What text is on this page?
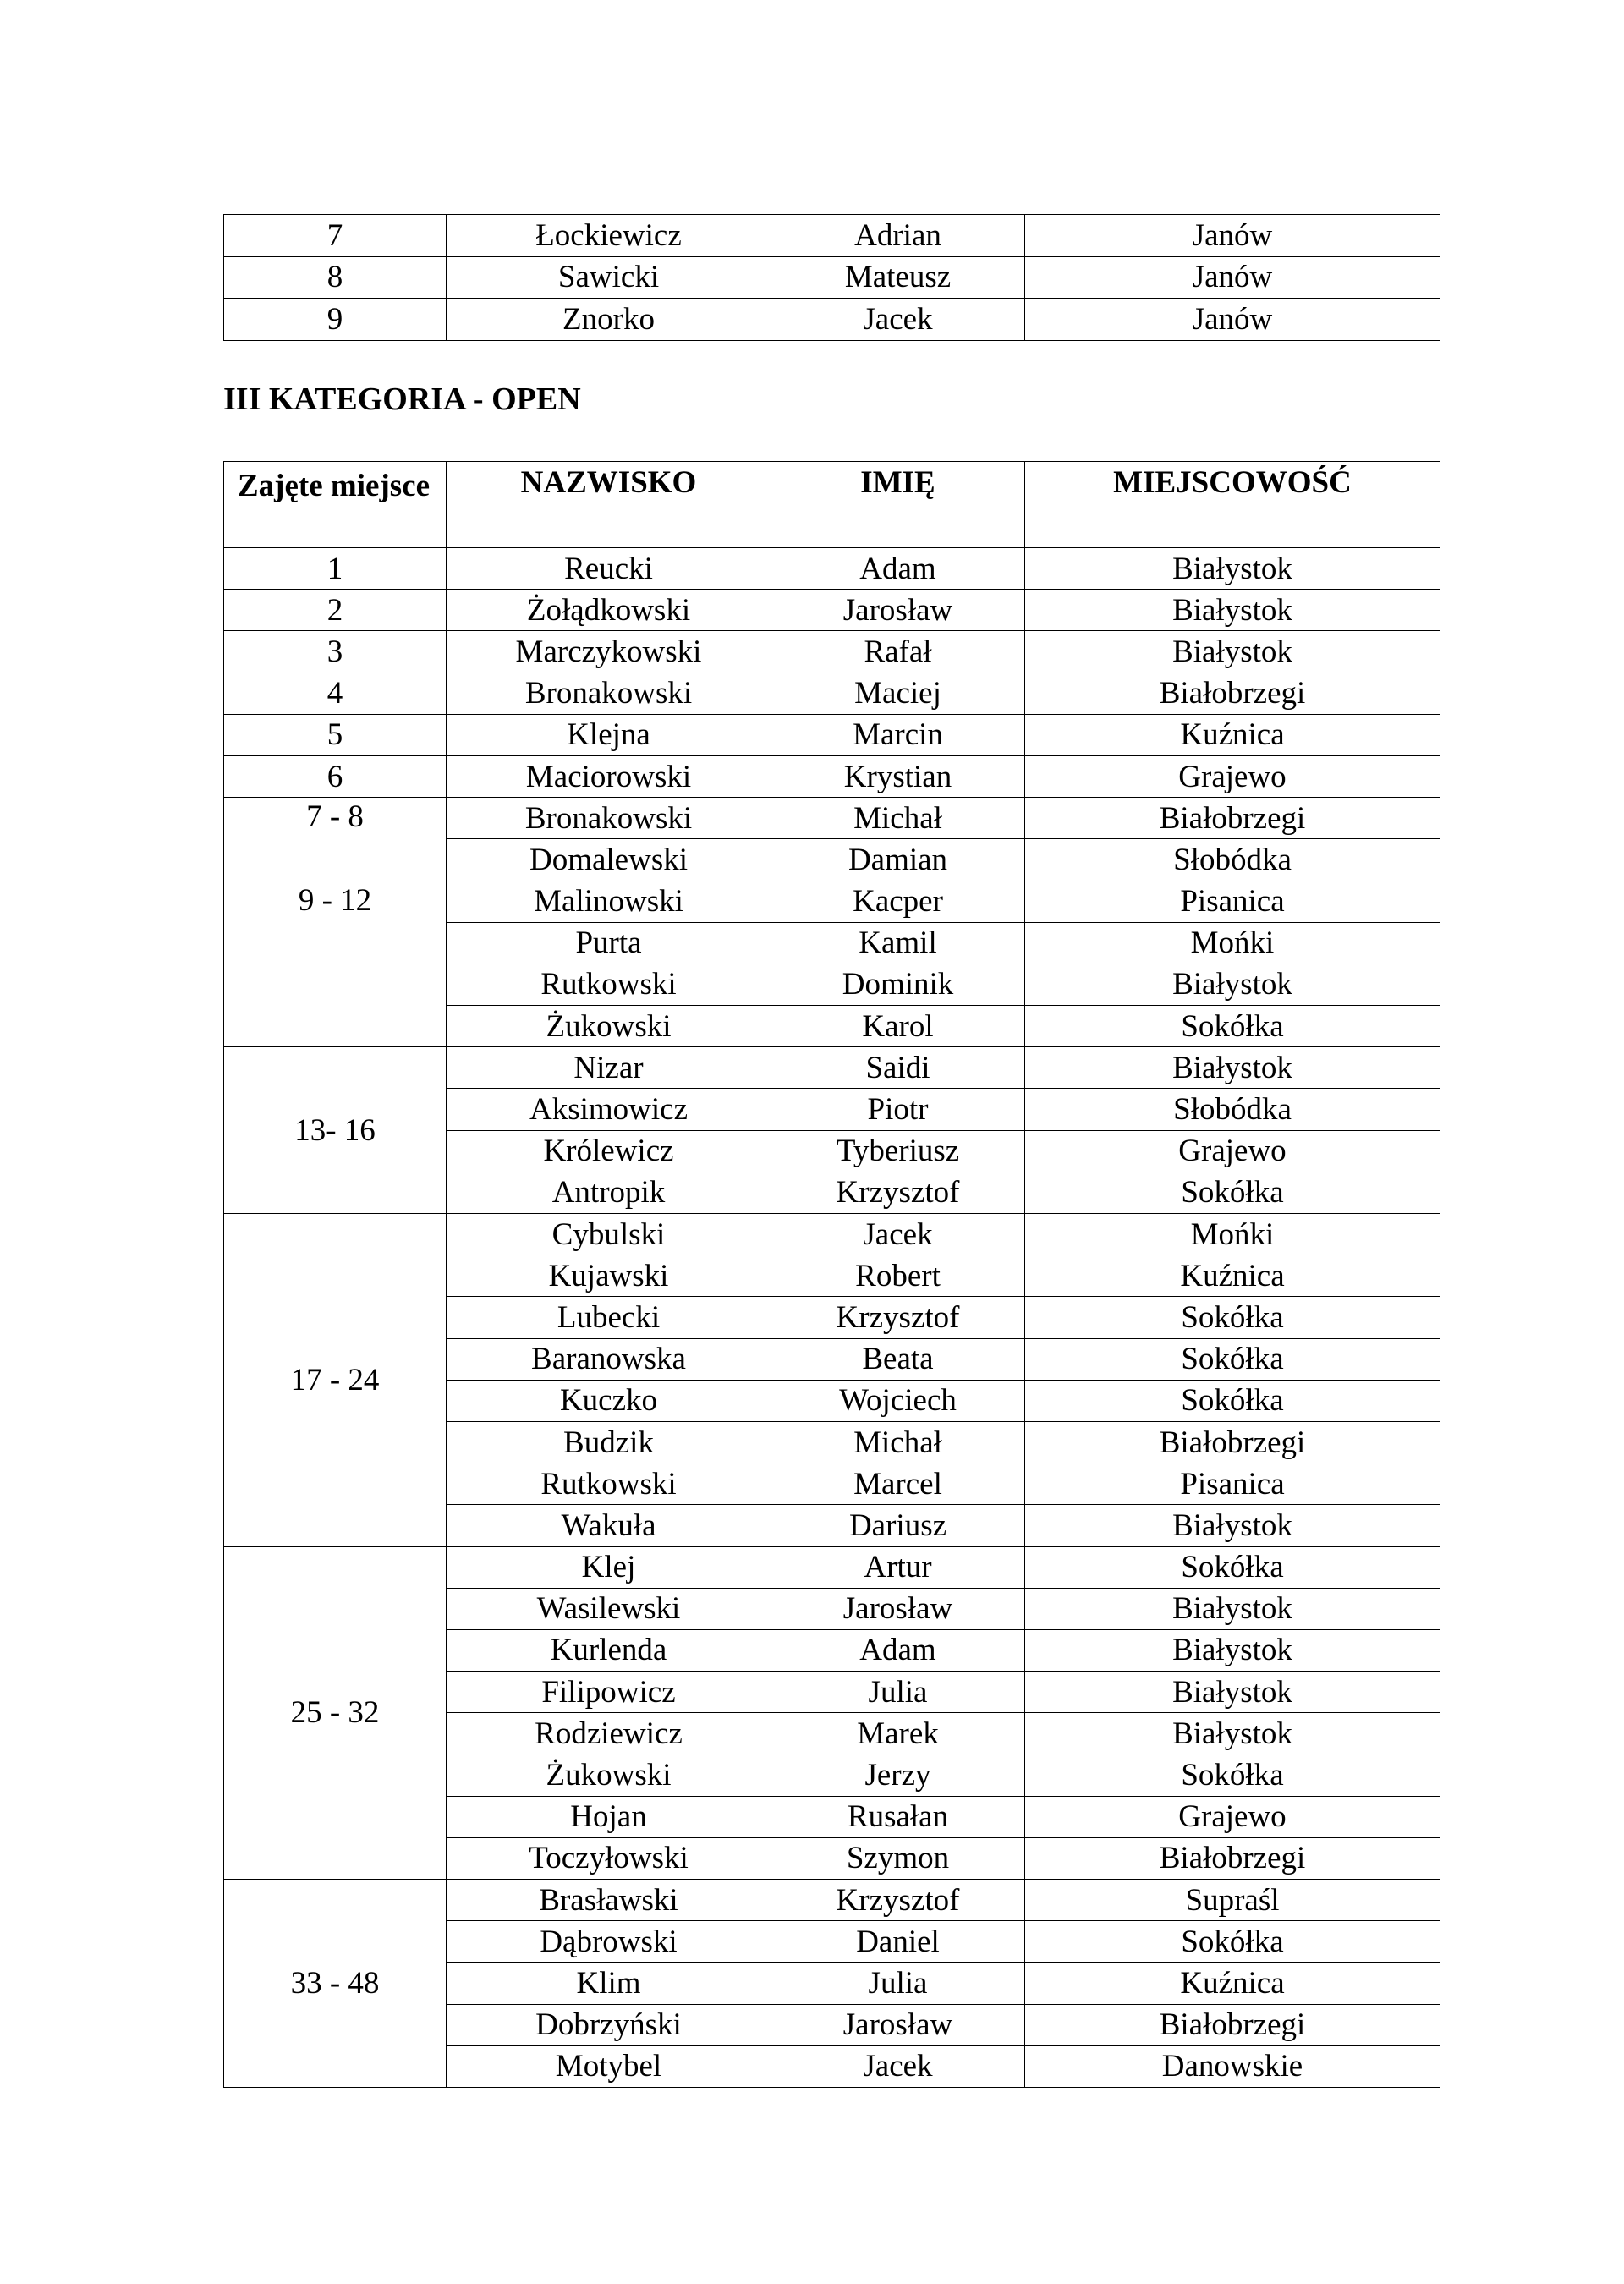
7	Łockiewicz	Adrian	Janów
8	Sawicki	Mateusz	Janów
9	Znorko	Jacek	Janów
III KATEGORIA - OPEN
Zajęte miejsce	NAZWISKO	IMIĘ	MIEJSCOWOŚĆ
1	Reucki	Adam	Białystok
2	Żołądkowski	Jarosław	Białystok
3	Marczykowski	Rafał	Białystok
4	Bronakowski	Maciej	Białobrzegi
5	Klejna	Marcin	Kuźnica
6	Maciorowski	Krystian	Grajewo
7 - 8	Bronakowski	Michał	Białobrzegi
	Domalewski	Damian	Słobódka
9 - 12	Malinowski	Kacper	Pisanica
	Purta	Kamil	Mońki
	Rutkowski	Dominik	Białystok
	Żukowski	Karol	Sokółka
13- 16	Nizar	Saidi	Białystok
	Aksimowicz	Piotr	Słobódka
	Królewicz	Tyberiusz	Grajewo
	Antropik	Krzysztof	Sokółka
17 - 24	Cybulski	Jacek	Mońki
	Kujawski	Robert	Kuźnica
	Lubecki	Krzysztof	Sokółka
	Baranowska	Beata	Sokółka
	Kuczko	Wojciech	Sokółka
	Budzik	Michał	Białobrzegi
	Rutkowski	Marcel	Pisanica
	Wakuła	Dariusz	Białystok
25 - 32	Klej	Artur	Sokółka
	Wasilewski	Jarosław	Białystok
	Kurlenda	Adam	Białystok
	Filipowicz	Julia	Białystok
	Rodziewicz	Marek	Białystok
	Żukowski	Jerzy	Sokółka
	Hojan	Rusałan	Grajewo
	Toczyłowski	Szymon	Białobrzegi
33 - 48	Brasławski	Krzysztof	Supraśl
	Dąbrowski	Daniel	Sokółka
	Klim	Julia	Kuźnica
	Dobrzyński	Jarosław	Białobrzegi
	Motybel	Jacek	Danowskie
